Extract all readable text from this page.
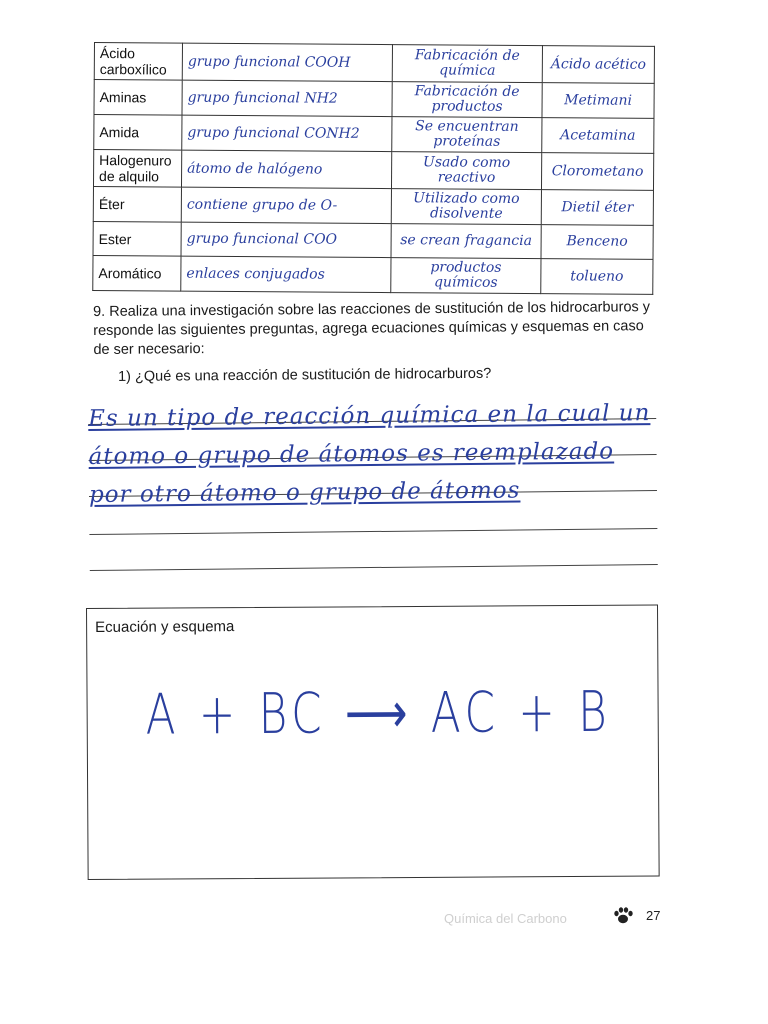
Ácido carboxílico	grupo funcional COOH	Fabricación de química	Ácido acético
Aminas	grupo funcional NH2	Fabricación de productos	Metimani
Amida	grupo funcional CONH2	Se encuentran proteínas	Acetamina
Halogenuro de alquilo	átomo de halógeno	Usado como reactivo	Clorometano
Éter	contiene grupo de O-	Utilizado como disolvente	Dietil éter
Ester	grupo funcional COO	se crean fragancia	Benceno
Aromático	enlaces conjugados	productos químicos	tolueno
9. Realiza una investigación sobre las reacciones de sustitución de los hidrocarburos y responde las siguientes preguntas, agrega ecuaciones químicas y esquemas en caso de ser necesario:
1) ¿Qué es una reacción de sustitución de hidrocarburos?
Es un tipo de reacción química en la cual un átomo o grupo de átomos es reemplazado por otro átomo o grupo de átomos
Ecuación y esquema
A + BC ⟶ AC + B
Química del Carbono	27
